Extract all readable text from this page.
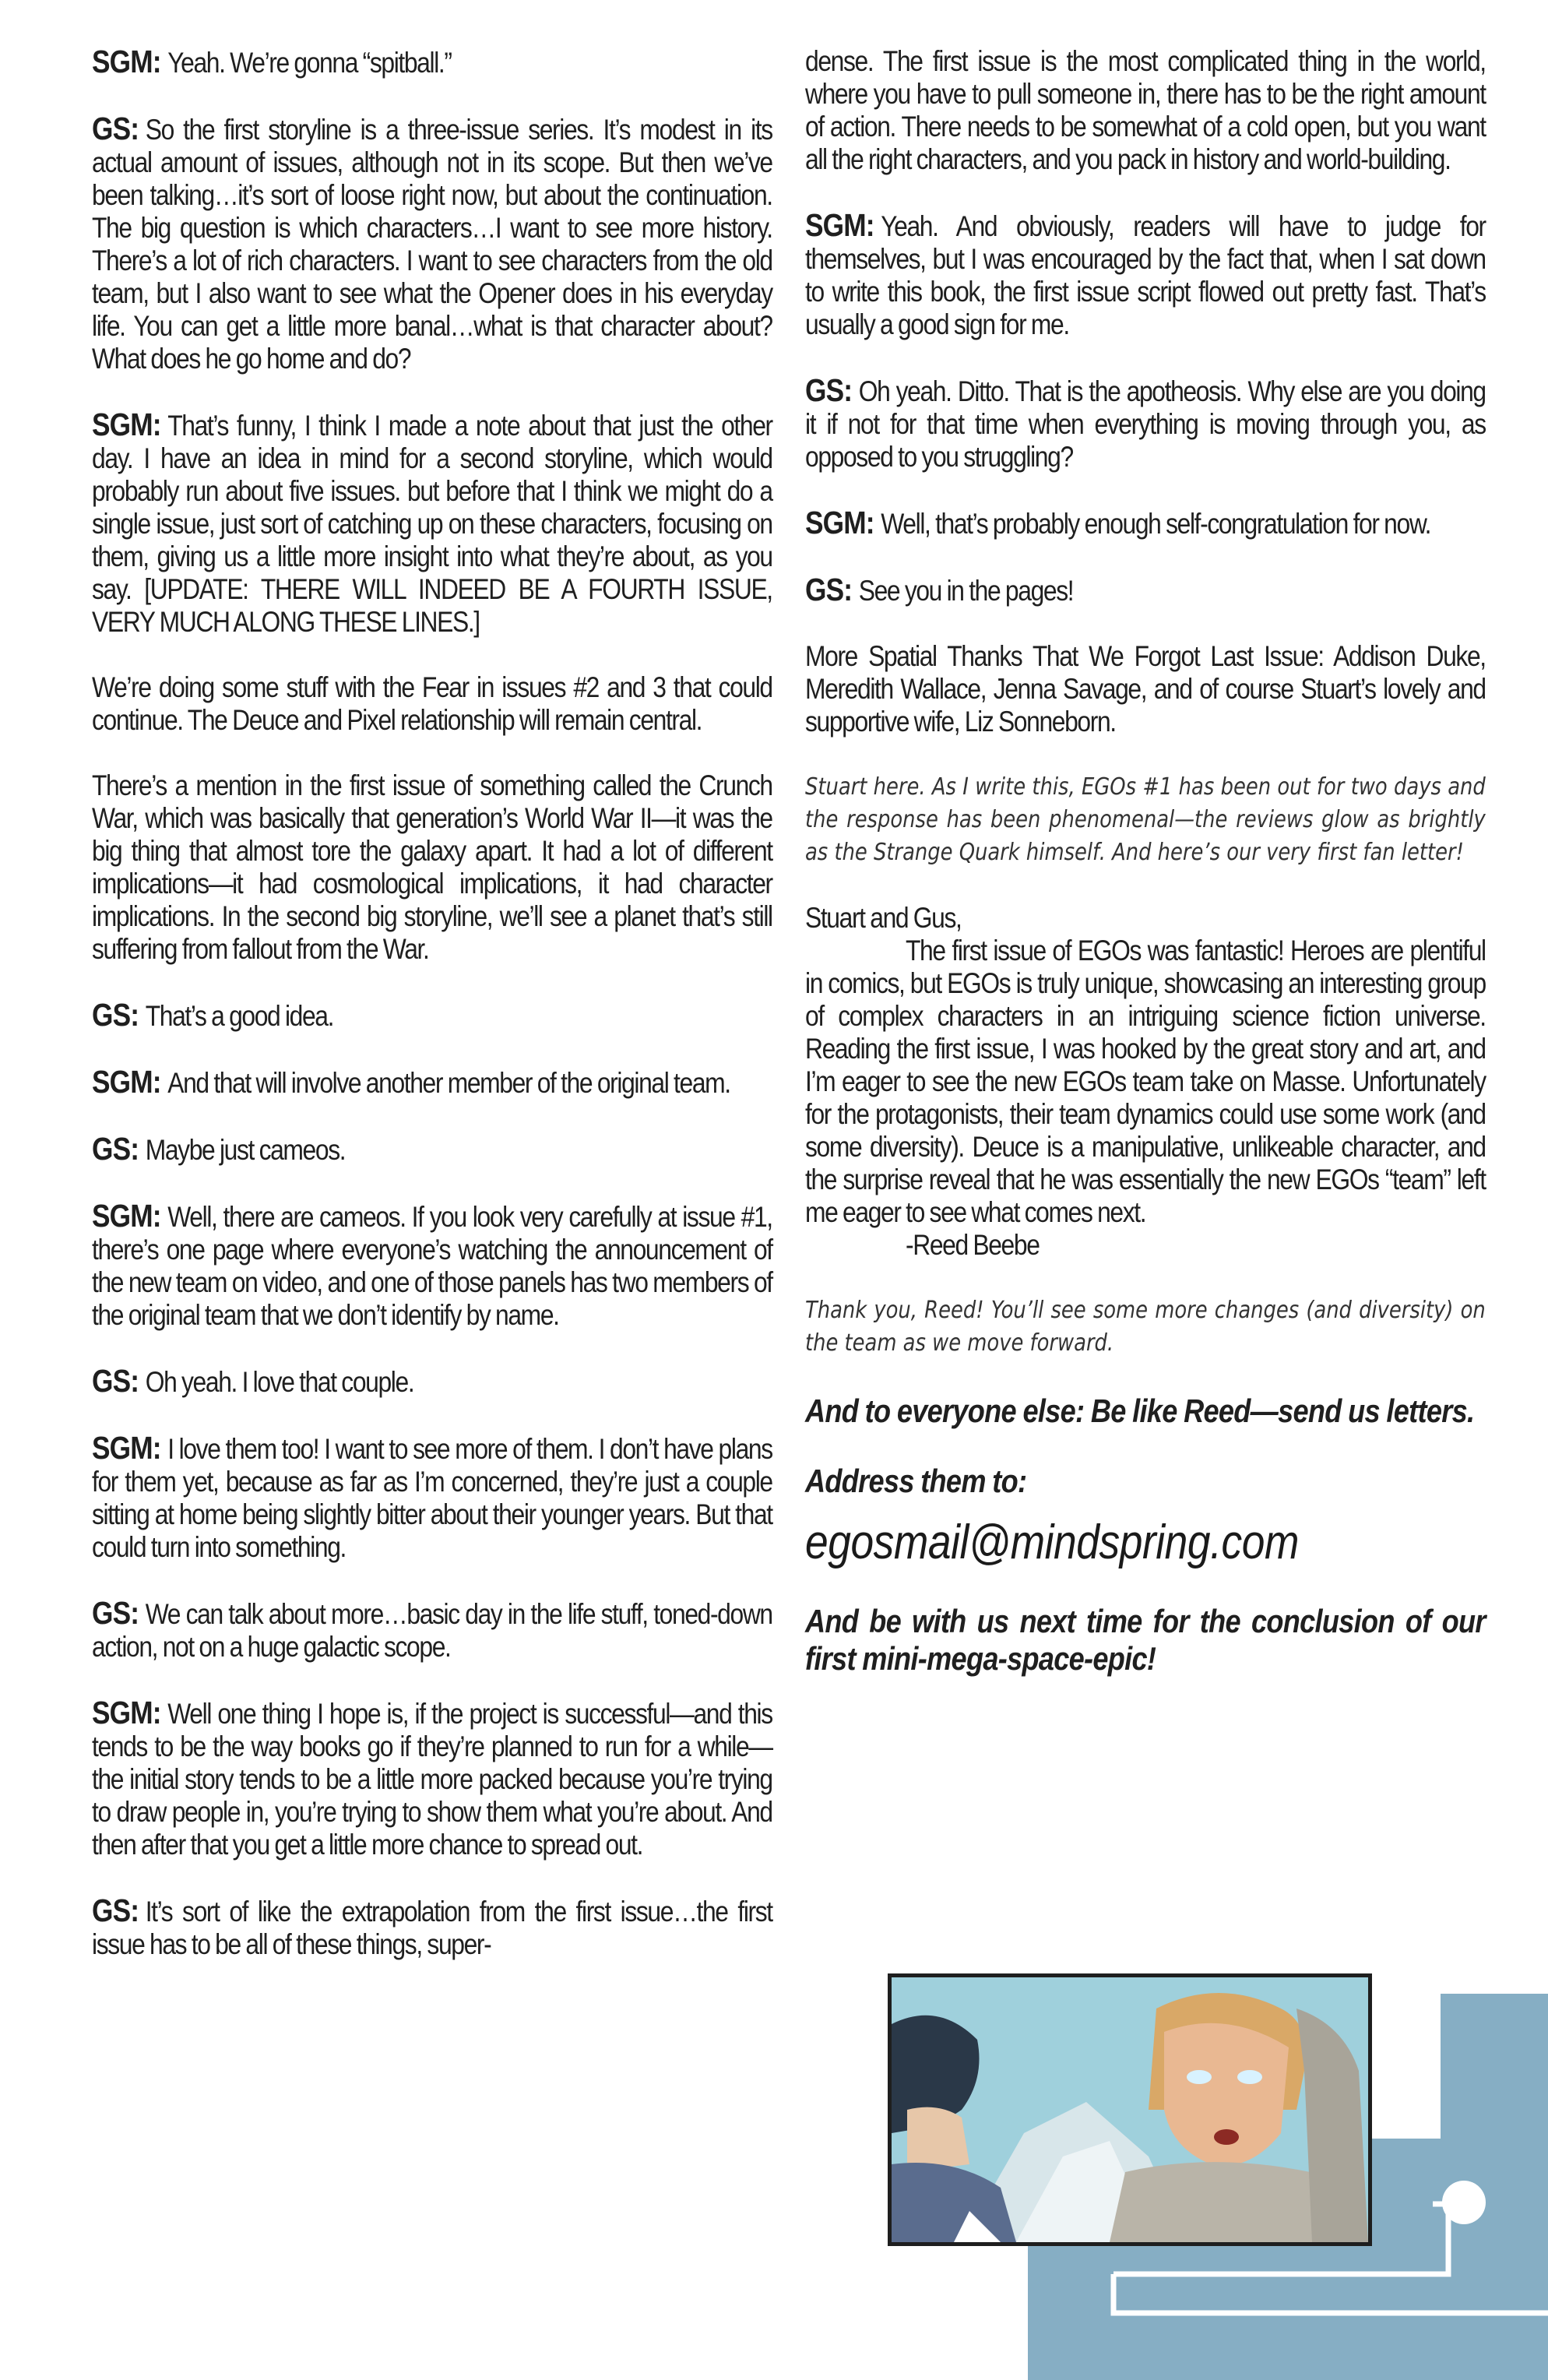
SGM: Yeah. We’re gonna “spitball.”

GS: So the first storyline is a three-issue series. It’s modest in its actual amount of issues, although not in its scope. But then we’ve been talking…it’s sort of loose right now, but about the continuation. The big question is which characters…I want to see more history. There’s a lot of rich characters. I want to see characters from the old team, but I also want to see what the Opener does in his everyday life. You can get a little more banal…what is that character about? What does he go home and do?

SGM: That’s funny, I think I made a note about that just the other day. I have an idea in mind for a second storyline, which would probably run about five issues. but before that I think we might do a single issue, just sort of catching up on these characters, focusing on them, giving us a little more insight into what they’re about, as you say. [UPDATE: THERE WILL INDEED BE A FOURTH ISSUE, VERY MUCH ALONG THESE LINES.]

We’re doing some stuff with the Fear in issues #2 and 3 that could continue. The Deuce and Pixel relationship will remain central.

There’s a mention in the first issue of something called the Crunch War, which was basically that generation’s World War II—it was the big thing that almost tore the galaxy apart. It had a lot of different implications—it had cosmological implications, it had character implications. In the second big storyline, we’ll see a planet that’s still suffering from fallout from the War.

GS: That’s a good idea.

SGM: And that will involve another member of the original team.

GS: Maybe just cameos.

SGM: Well, there are cameos. If you look very carefully at issue #1, there’s one page where everyone’s watching the announcement of the new team on video, and one of those panels has two members of the original team that we don’t identify by name.

GS: Oh yeah. I love that couple.

SGM: I love them too! I want to see more of them. I don’t have plans for them yet, because as far as I’m concerned, they’re just a couple sitting at home being slightly bitter about their younger years. But that could turn into something.

GS: We can talk about more…basic day in the life stuff, toned-down action, not on a huge galactic scope.

SGM: Well one thing I hope is, if the project is successful—and this tends to be the way books go if they’re planned to run for a while—the initial story tends to be a little more packed because you’re trying to draw people in, you’re trying to show them what you’re about. And then after that you get a little more chance to spread out.

GS: It’s sort of like the extrapolation from the first issue…the first issue has to be all of these things, super-

dense. The first issue is the most complicated thing in the world, where you have to pull someone in, there has to be the right amount of action. There needs to be somewhat of a cold open, but you want all the right characters, and you pack in history and world-building.

SGM: Yeah. And obviously, readers will have to judge for themselves, but I was encouraged by the fact that, when I sat down to write this book, the first issue script flowed out pretty fast. That’s usually a good sign for me.

GS: Oh yeah. Ditto. That is the apotheosis. Why else are you doing it if not for that time when everything is moving through you, as opposed to you struggling?

SGM: Well, that’s probably enough self-congratulation for now.

GS: See you in the pages!

More Spatial Thanks That We Forgot Last Issue: Addison Duke, Meredith Wallace, Jenna Savage, and of course Stuart’s lovely and supportive wife, Liz Sonneborn.

Stuart here. As I write this, EGOs #1 has been out for two days and the response has been phenomenal—the reviews glow as brightly as the Strange Quark himself. And here’s our very first fan letter!

Stuart and Gus,

The first issue of EGOs was fantastic! Heroes are plentiful in comics, but EGOs is truly unique, showcasing an interesting group of complex characters in an intriguing science fiction universe. Reading the first issue, I was hooked by the great story and art, and I’m eager to see the new EGOs team take on Masse. Unfortunately for the protagonists, their team dynamics could use some work (and some diversity). Deuce is a manipulative, unlikeable character, and the surprise reveal that he was essentially the new EGOs “team” left me eager to see what comes next.

-Reed Beebe

Thank you, Reed! You’ll see some more changes (and diversity) on the team as we move forward.

And to everyone else: Be like Reed—send us letters.

Address them to:

egosmail@mindspring.com

And be with us next time for the conclusion of our first mini-mega-space-epic!
